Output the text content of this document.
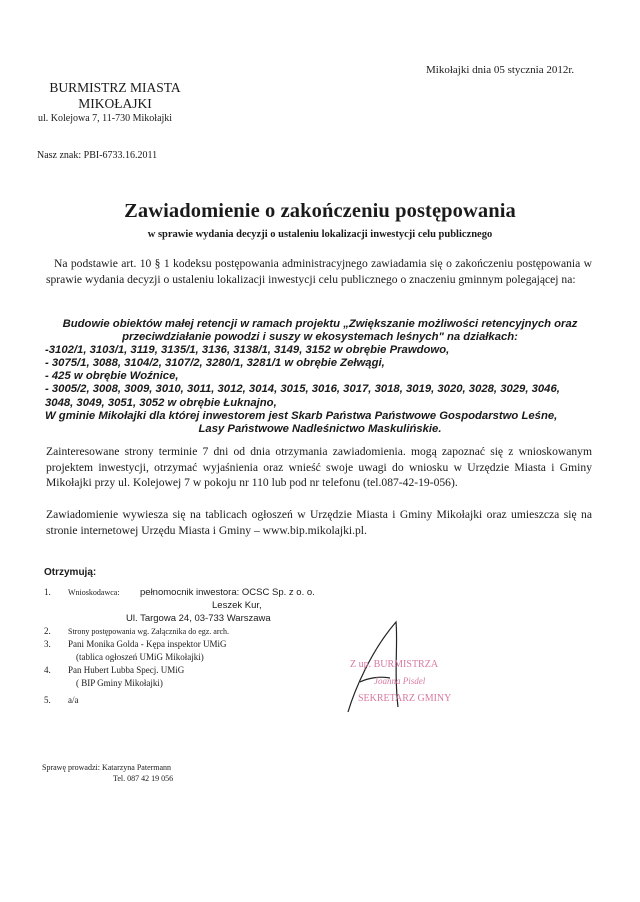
Mikołajki dnia 05 stycznia 2012r.

BURMISTRZ MIASTA
MIKOŁAJKI

ul. Kolejowa 7, 11-730 Mikołajki

Nasz znak: PBI-6733.16.2011

Zawiadomienie o zakończeniu postępowania

w sprawie wydania decyzji o ustaleniu lokalizacji inwestycji celu publicznego

Na podstawie art. 10 § 1 kodeksu postępowania administracyjnego zawiadamia się o zakończeniu postępowania w sprawie wydania decyzji o ustaleniu lokalizacji inwestycji celu publicznego o znaczeniu gminnym polegającej na:

Budowie obiektów małej retencji w ramach projektu „Zwiększanie możliwości retencyjnych oraz
przeciwdziałanie powodzi i suszy w ekosystemach leśnych" na działkach:
-3102/1, 3103/1, 3119, 3135/1, 3136, 3138/1, 3149, 3152 w obrębie Prawdowo,
- 3075/1, 3088, 3104/2, 3107/2, 3280/1, 3281/1 w obrębie Zełwągi,
- 425 w obrębie Woźnice,
- 3005/2, 3008, 3009, 3010, 3011, 3012, 3014, 3015, 3016, 3017, 3018, 3019, 3020, 3028, 3029, 3046,
3048, 3049, 3051, 3052 w obrębie Łuknajno,
W gminie Mikołajki dla której inwestorem jest Skarb Państwa Państwowe Gospodarstwo Leśne,
Lasy Państwowe Nadleśnictwo Maskulińskie.

Zainteresowane strony terminie 7 dni od dnia otrzymania zawiadomienia. mogą zapoznać się z wnioskowanym projektem inwestycji, otrzymać wyjaśnienia oraz wnieść swoje uwagi do wniosku w Urzędzie Miasta i Gminy Mikołajki przy ul. Kolejowej 7 w pokoju nr 110 lub pod nr telefonu (tel.087-42-19-056).

Zawiadomienie wywiesza się na tablicach ogłoszeń w Urzędzie Miasta i Gminy Mikołajki oraz umieszcza się na stronie internetowej Urzędu Miasta i Gminy – www.bip.mikolajki.pl.

Otrzymują:

1.	Wnioskodawca:	pełnomocnik inwestora: OCSC Sp. z o. o.
Leszek Kur,
Ul. Targowa 24, 03-733 Warszawa
2.	Strony postępowania wg. Załącznika do egz. arch.
3.	Pani Monika Golda - Kępa inspektor UMiG
(tablica ogłoszeń UMiG Mikołajki)
4.	Pan Hubert Lubba Specj. UMiG
( BIP Gminy Mikołajki)
5.	a/a
Z up. BURMISTRZA
Joanna Pisdel
SEKRETARZ GMINY
Sprawę prowadzi: Katarzyna Patermann
Tel. 087 42 19 056
